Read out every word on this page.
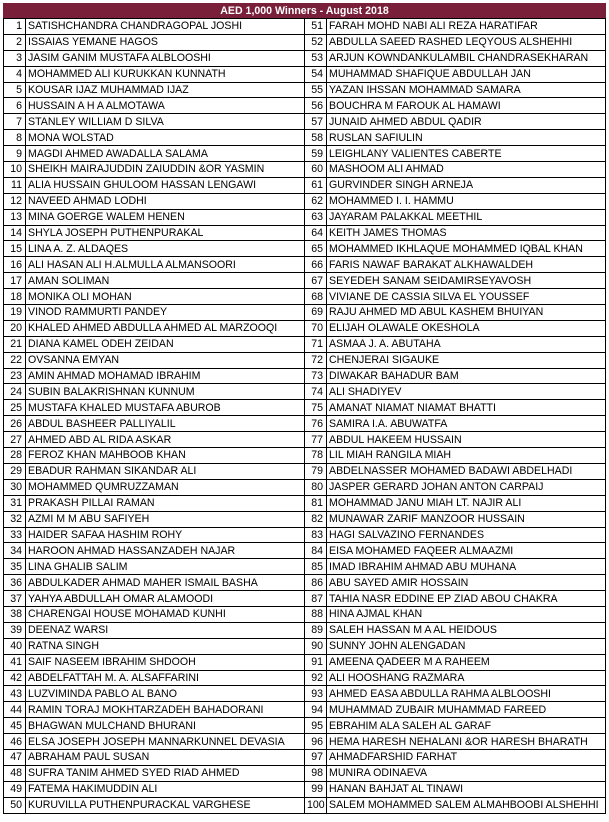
AED 1,000 Winners - August 2018
1	SATISHCHANDRA CHANDRAGOPAL JOSHI	51	FARAH MOHD NABI ALI REZA HARATIFAR
2	ISSAIAS YEMANE HAGOS	52	ABDULLA SAEED RASHED LEQYOUS ALSHEHHI
3	JASIM GANIM MUSTAFA ALBLOOSHI	53	ARJUN KOWNDANKULAMBIL CHANDRASEKHARAN
4	MOHAMMED ALI KURUKKAN KUNNATH	54	MUHAMMAD SHAFIQUE ABDULLAH JAN
5	KOUSAR IJAZ MUHAMMAD IJAZ	55	YAZAN IHSSAN MOHAMMAD SAMARA
6	HUSSAIN A H A ALMOTAWA	56	BOUCHRA M FAROUK AL HAMAWI
7	STANLEY WILLIAM D SILVA	57	JUNAID AHMED ABDUL QADIR
8	MONA WOLSTAD	58	RUSLAN SAFIULIN
9	MAGDI AHMED AWADALLA SALAMA	59	LEIGHLANY VALIENTES CABERTE
10	SHEIKH MAIRAJUDDIN ZAIUDDIN &OR YASMIN	60	MASHOOM ALI AHMAD
11	ALIA HUSSAIN GHULOOM HASSAN LENGAWI	61	GURVINDER SINGH ARNEJA
12	NAVEED AHMAD LODHI	62	MOHAMMED I. I. HAMMU
13	MINA GOERGE WALEM HENEN	63	JAYARAM PALAKKAL MEETHIL
14	SHYLA JOSEPH PUTHENPURAKAL	64	KEITH JAMES THOMAS
15	LINA A. Z. ALDAQES	65	MOHAMMED IKHLAQUE MOHAMMED IQBAL KHAN
16	ALI HASAN ALI H.ALMULLA ALMANSOORI	66	FARIS NAWAF BARAKAT ALKHAWALDEH
17	AMAN SOLIMAN	67	SEYEDEH SANAM SEIDAMIRSEYAVOSH
18	MONIKA OLI MOHAN	68	VIVIANE DE CASSIA SILVA EL YOUSSEF
19	VINOD RAMMURTI PANDEY	69	RAJU AHMED MD ABUL KASHEM BHUIYAN
20	KHALED AHMED ABDULLA AHMED AL MARZOOQI	70	ELIJAH OLAWALE OKESHOLA
21	DIANA KAMEL ODEH ZEIDAN	71	ASMAA J. A. ABUTAHA
22	OVSANNA EMYAN	72	CHENJERAI SIGAUKE
23	AMIN AHMAD MOHAMAD IBRAHIM	73	DIWAKAR BAHADUR BAM
24	SUBIN BALAKRISHNAN KUNNUM	74	ALI SHADIYEV
25	MUSTAFA KHALED MUSTAFA ABUROB	75	AMANAT NIAMAT NIAMAT BHATTI
26	ABDUL BASHEER PALLIYALIL	76	SAMIRA I.A. ABUWATFA
27	AHMED ABD AL RIDA ASKAR	77	ABDUL HAKEEM HUSSAIN
28	FEROZ KHAN MAHBOOB KHAN	78	LIL MIAH RANGILA MIAH
29	EBADUR RAHMAN SIKANDAR ALI	79	ABDELNASSER MOHAMED BADAWI ABDELHADI
30	MOHAMMED QUMRUZZAMAN	80	JASPER GERARD JOHAN ANTON CARPAIJ
31	PRAKASH PILLAI RAMAN	81	MOHAMMAD JANU MIAH LT. NAJIR ALI
32	AZMI M M ABU SAFIYEH	82	MUNAWAR ZARIF MANZOOR HUSSAIN
33	HAIDER SAFAA HASHIM ROHY	83	HAGI SALVAZINO FERNANDES
34	HAROON AHMAD HASSANZADEH NAJAR	84	EISA MOHAMED FAQEER ALMAAZMI
35	LINA GHALIB SALIM	85	IMAD IBRAHIM AHMAD ABU MUHANA
36	ABDULKADER AHMAD MAHER ISMAIL BASHA	86	ABU SAYED AMIR HOSSAIN
37	YAHYA ABDULLAH OMAR ALAMOODI	87	TAHIA NASR EDDINE EP ZIAD ABOU CHAKRA
38	CHARENGAI HOUSE MOHAMAD KUNHI	88	HINA AJMAL KHAN
39	DEENAZ WARSI	89	SALEH HASSAN M A AL HEIDOUS
40	RATNA SINGH	90	SUNNY JOHN ALENGADAN
41	SAIF NASEEM IBRAHIM SHDOOH	91	AMEENA QADEER M A RAHEEM
42	ABDELFATTAH M. A. ALSAFFARINI	92	ALI HOOSHANG RAZMARA
43	LUZVIMINDA PABLO AL BANO	93	AHMED EASA ABDULLA RAHMA ALBLOOSHI
44	RAMIN TORAJ MOKHTARZADEH BAHADORANI	94	MUHAMMAD ZUBAIR MUHAMMAD FAREED
45	BHAGWAN MULCHAND BHURANI	95	EBRAHIM ALA SALEH AL GARAF
46	ELSA JOSEPH JOSEPH MANNARKUNNEL DEVASIA	96	HEMA HARESH NEHALANI &OR HARESH BHARATH
47	ABRAHAM PAUL SUSAN	97	AHMADFARSHID FARHAT
48	SUFRA TANIM AHMED SYED RIAD AHMED	98	MUNIRA ODINAEVA
49	FATEMA HAKIMUDDIN ALI	99	HANAN BAHJAT AL TINAWI
50	KURUVILLA PUTHENPURACKAL VARGHESE	100	SALEM MOHAMMED SALEM ALMAHBOOBI ALSHEHHI
